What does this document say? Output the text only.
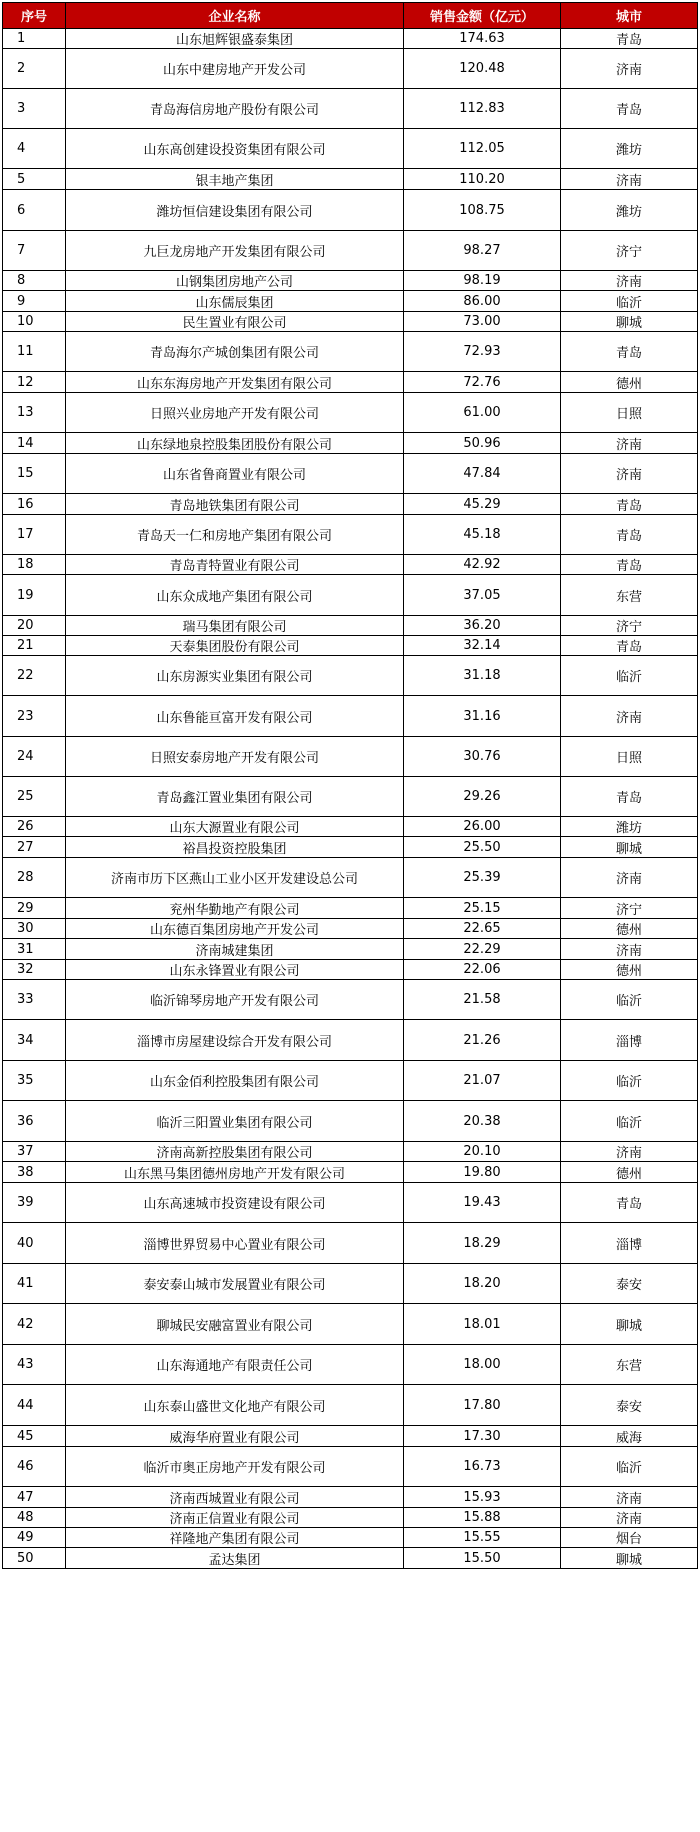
序号	企业名称	销售金额（亿元）	城市
1	山东旭辉银盛泰集团	174.63	青岛
2	山东中建房地产开发公司	120.48	济南
3	青岛海信房地产股份有限公司	112.83	青岛
4	山东高创建设投资集团有限公司	112.05	潍坊
5	银丰地产集团	110.20	济南
6	潍坊恒信建设集团有限公司	108.75	潍坊
7	九巨龙房地产开发集团有限公司	98.27	济宁
8	山钢集团房地产公司	98.19	济南
9	山东儒辰集团	86.00	临沂
10	民生置业有限公司	73.00	聊城
11	青岛海尔产城创集团有限公司	72.93	青岛
12	山东东海房地产开发集团有限公司	72.76	德州
13	日照兴业房地产开发有限公司	61.00	日照
14	山东绿地泉控股集团股份有限公司	50.96	济南
15	山东省鲁商置业有限公司	47.84	济南
16	青岛地铁集团有限公司	45.29	青岛
17	青岛天一仁和房地产集团有限公司	45.18	青岛
18	青岛青特置业有限公司	42.92	青岛
19	山东众成地产集团有限公司	37.05	东营
20	瑞马集团有限公司	36.20	济宁
21	天泰集团股份有限公司	32.14	青岛
22	山东房源实业集团有限公司	31.18	临沂
23	山东鲁能亘富开发有限公司	31.16	济南
24	日照安泰房地产开发有限公司	30.76	日照
25	青岛鑫江置业集团有限公司	29.26	青岛
26	山东大源置业有限公司	26.00	潍坊
27	裕昌投资控股集团	25.50	聊城
28	济南市历下区燕山工业小区开发建设总公司	25.39	济南
29	兖州华勤地产有限公司	25.15	济宁
30	山东德百集团房地产开发公司	22.65	德州
31	济南城建集团	22.29	济南
32	山东永锋置业有限公司	22.06	德州
33	临沂锦琴房地产开发有限公司	21.58	临沂
34	淄博市房屋建设综合开发有限公司	21.26	淄博
35	山东金佰利控股集团有限公司	21.07	临沂
36	临沂三阳置业集团有限公司	20.38	临沂
37	济南高新控股集团有限公司	20.10	济南
38	山东黑马集团德州房地产开发有限公司	19.80	德州
39	山东高速城市投资建设有限公司	19.43	青岛
40	淄博世界贸易中心置业有限公司	18.29	淄博
41	泰安泰山城市发展置业有限公司	18.20	泰安
42	聊城民安融富置业有限公司	18.01	聊城
43	山东海通地产有限责任公司	18.00	东营
44	山东泰山盛世文化地产有限公司	17.80	泰安
45	威海华府置业有限公司	17.30	威海
46	临沂市奥正房地产开发有限公司	16.73	临沂
47	济南西城置业有限公司	15.93	济南
48	济南正信置业有限公司	15.88	济南
49	祥隆地产集团有限公司	15.55	烟台
50	孟达集团	15.50	聊城
